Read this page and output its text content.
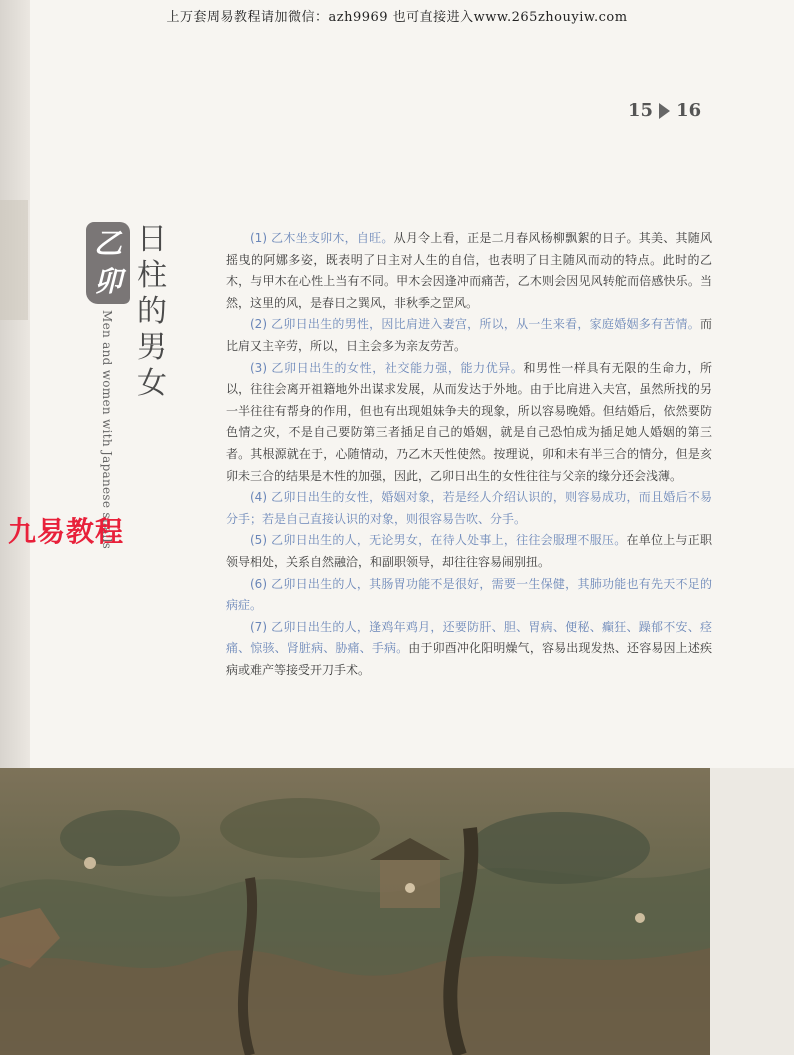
上万套周易教程请加微信：azh9969 也可直接进入www.265zhouyiw.com
15 16
乙
卯
日
柱
的
男
女
Men and women with Japanese snails
九易教程

(1) 乙木坐支卯木，自旺。从月令上看，正是二月春风杨柳飘絮的日子。其美、其随风摇曳的阿娜多姿，既表明了日主对人生的自信，也表明了日主随风而动的特点。此时的乙木，与甲木在心性上当有不同。甲木会因逢冲而痛苦，乙木则会因见风转舵而倍感快乐。当然，这里的风，是春日之巽风，非秋季之罡风。

(2) 乙卯日出生的男性，因比肩进入妻宫，所以，从一生来看，家庭婚姻多有苦情。而比肩又主辛劳，所以，日主会多为亲友劳苦。

(3) 乙卯日出生的女性，社交能力强，能力优异。和男性一样具有无限的生命力，所以，往往会离开祖籍地外出谋求发展，从而发达于外地。由于比肩进入夫宫，虽然所找的另一半往往有帮身的作用，但也有出现姐妹争夫的现象，所以容易晚婚。但结婚后，依然要防色情之灾，不是自己要防第三者插足自己的婚姻，就是自己恐怕成为插足她人婚姻的第三者。其根源就在于，心随情动，乃乙木天性使然。按理说，卯和未有半三合的情分，但是亥卯未三合的结果是木性的加强，因此，乙卯日出生的女性往往与父亲的缘分还会浅薄。

(4) 乙卯日出生的女性，婚姻对象，若是经人介绍认识的，则容易成功，而且婚后不易分手；若是自己直接认识的对象，则很容易告吹、分手。

(5) 乙卯日出生的人，无论男女，在待人处事上，往往会服理不服压。在单位上与正职领导相处，关系自然融洽，和副职领导，却往往容易闹别扭。

(6) 乙卯日出生的人，其肠胃功能不是很好，需要一生保健，其肺功能也有先天不足的病症。

(7) 乙卯日出生的人，逢鸡年鸡月，还要防肝、胆、胃病、便秘、癫狂、躁郁不安、痉痛、惊骇、肾脏病、胁痛、手病。由于卯酉冲化阳明燥气，容易出现发热、还容易因上述疾病或难产等接受开刀手术。
